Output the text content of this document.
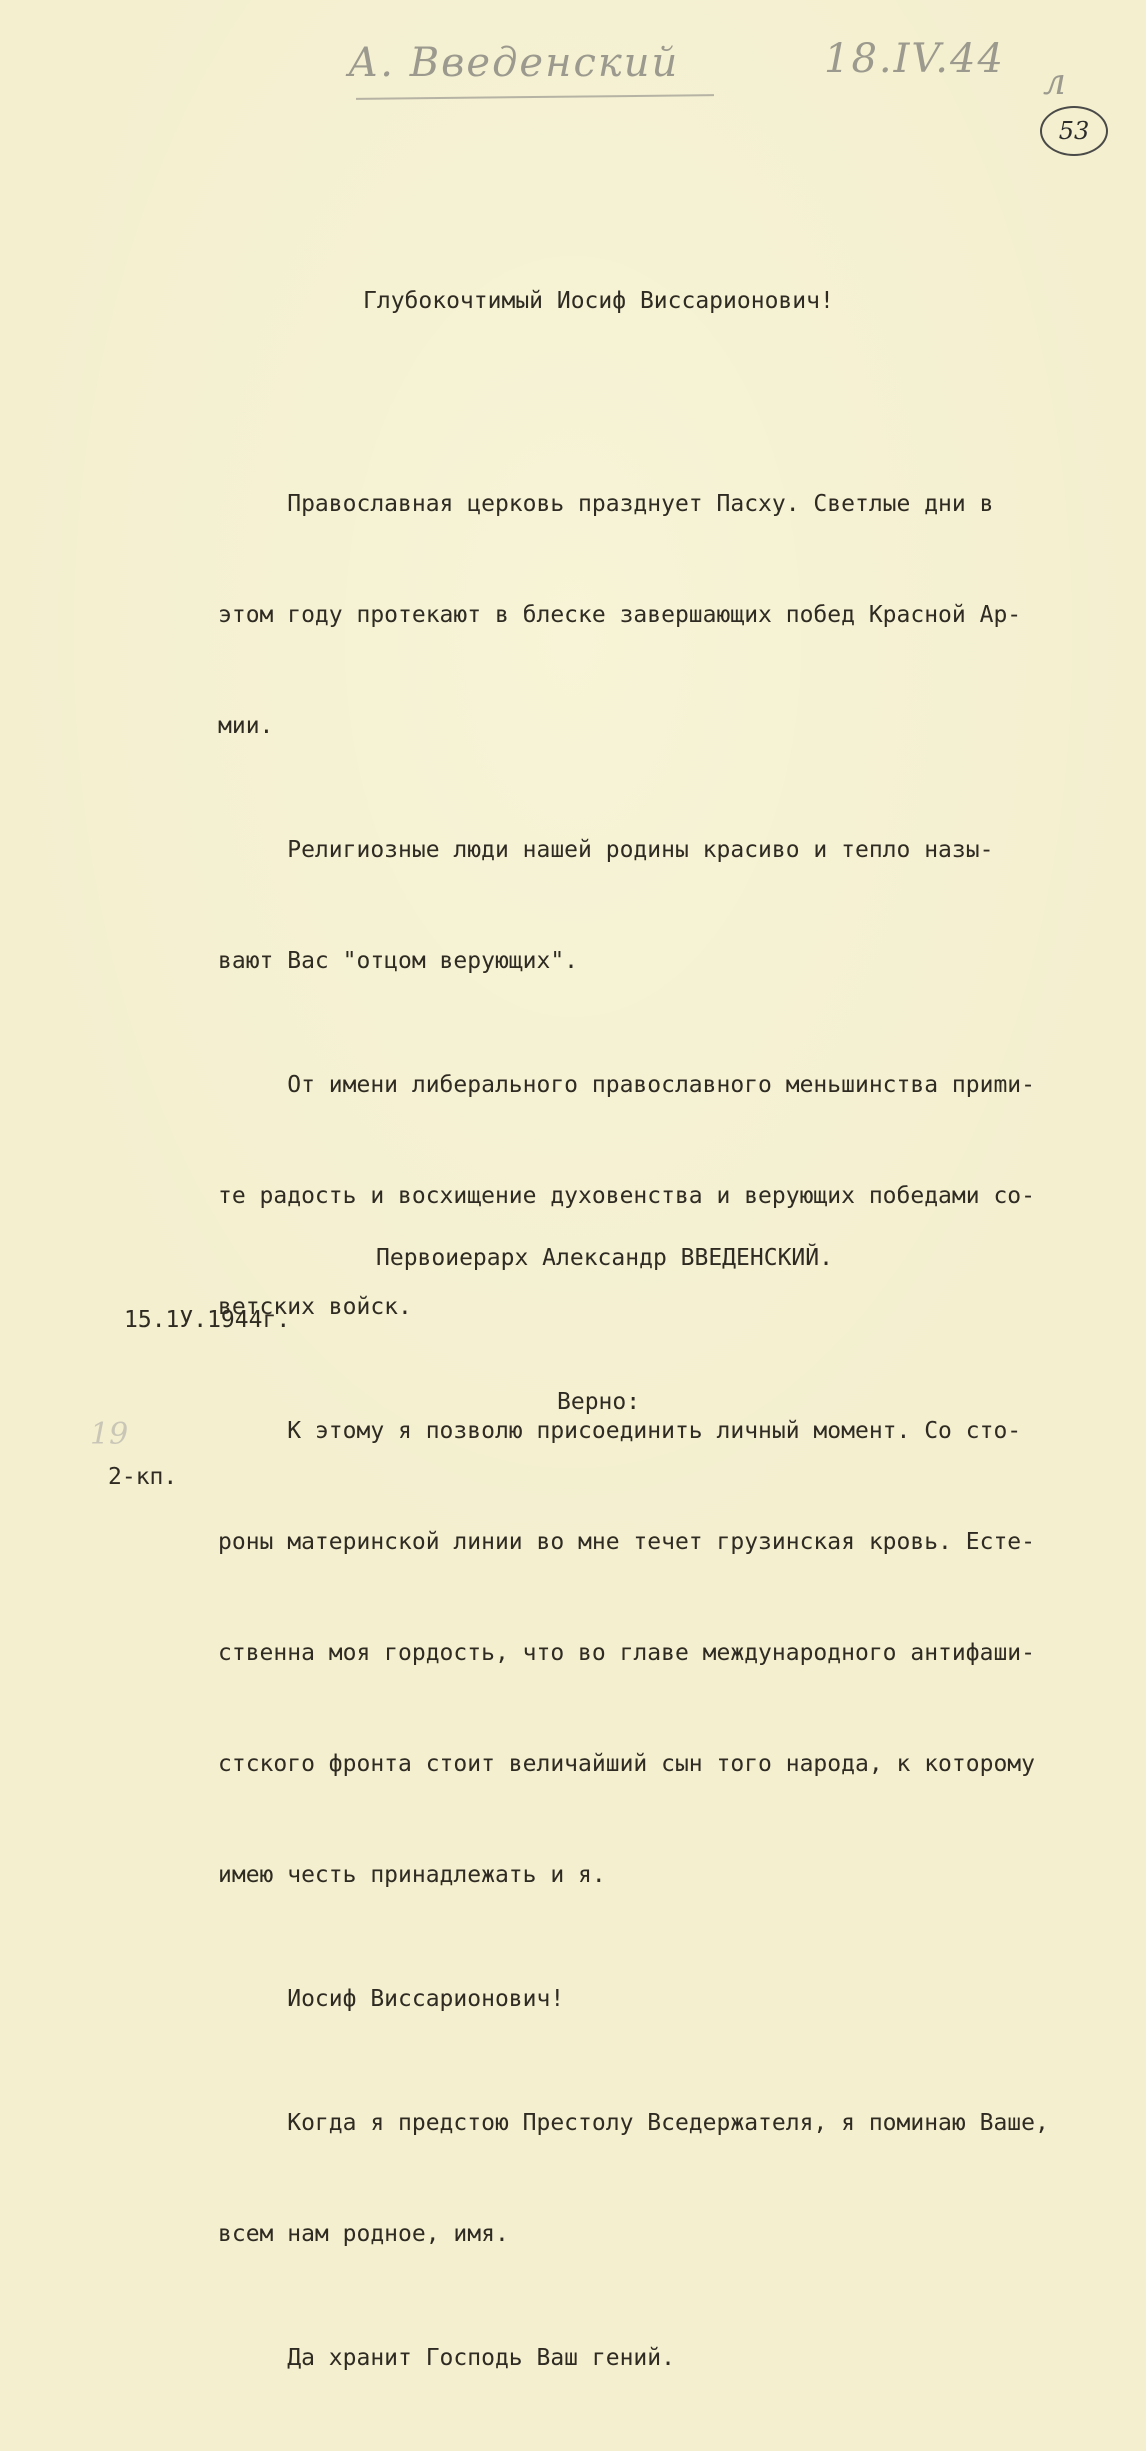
А. Введенский	18.IV.44
л
53
Глубокочтимый Иосиф Виссарионович!

Православная церковь празднует Пасху. Светлые дни в

этом году протекают в блеске завершающих побед Красной Ар-

мии.

Религиозные люди нашей родины красиво и тепло назы-

вают Вас "отцом верующих".

От имени либерального православного меньшинства приmи-

те радость и восхищение духовенства и верующих победами со-

ветских войск.

К этому я позволю присоединить личный момент. Со сто-

роны материнской линии во мне течет грузинская кровь. Есте-

ственна моя гордость, что во главе международного антифаши-

стского фронта стоит величайший сын того народа, к которому

имею честь принадлежать и я.

Иосиф Виссарионович!

Когда я предстою Престолу Вседержателя, я поминаю Ваше,

всем нам родное, имя.

Да хранит Господь Ваш гений.

Первоиерарх Александр ВВЕДЕНСКИЙ.
15.1У.1944г.
Верно:
19
2-кп.
